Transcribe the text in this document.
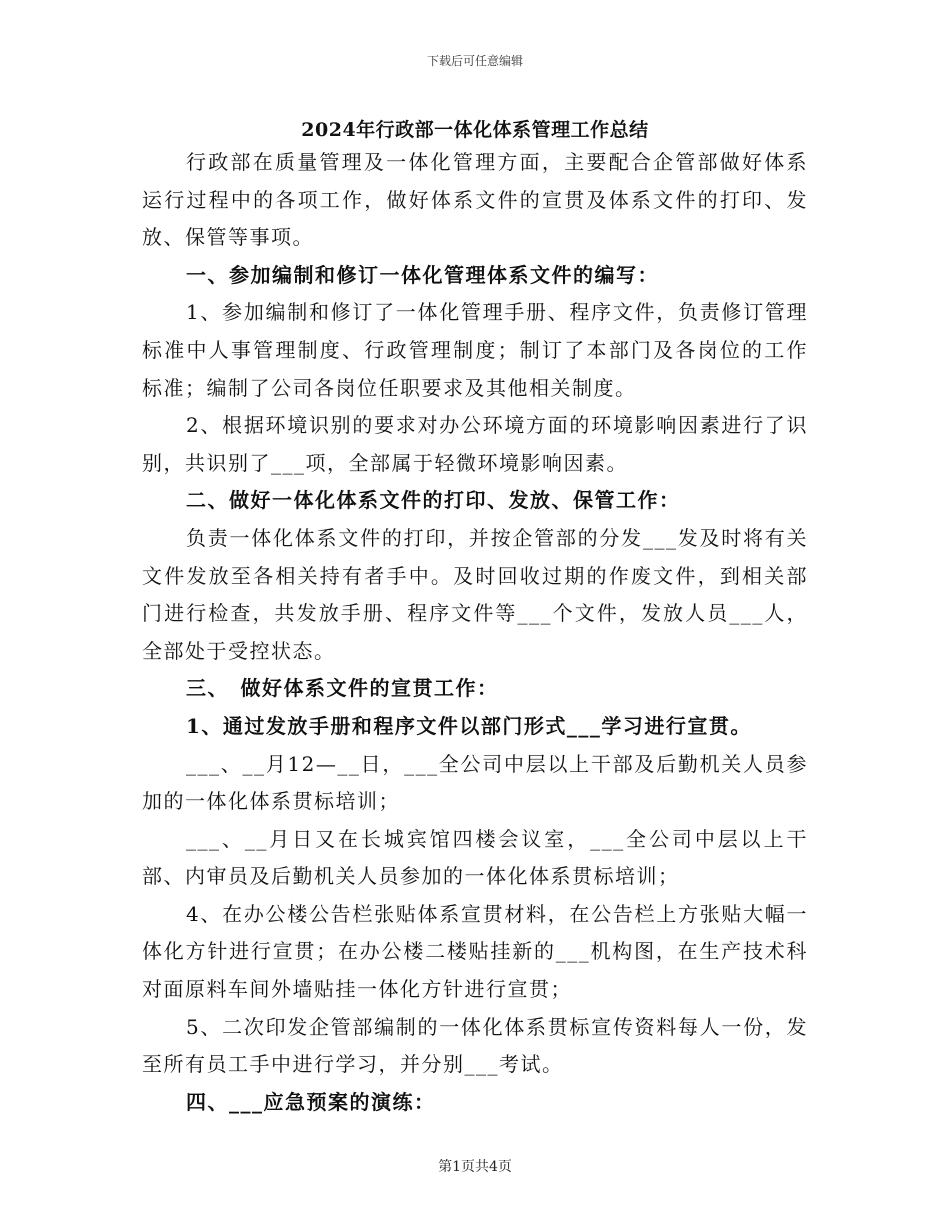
下载后可任意编辑
2024年行政部一体化体系管理工作总结

行政部在质量管理及一体化管理方面，主要配合企管部做好体系运行过程中的各项工作，做好体系文件的宣贯及体系文件的打印、发放、保管等事项。

一、参加编制和修订一体化管理体系文件的编写：

1、参加编制和修订了一体化管理手册、程序文件，负责修订管理标准中人事管理制度、行政管理制度；制订了本部门及各岗位的工作标准；编制了公司各岗位任职要求及其他相关制度。

2、根据环境识别的要求对办公环境方面的环境影响因素进行了识别，共识别了___项，全部属于轻微环境影响因素。

二、做好一体化体系文件的打印、发放、保管工作：

负责一体化体系文件的打印，并按企管部的分发___发及时将有关文件发放至各相关持有者手中。及时回收过期的作废文件，到相关部门进行检查，共发放手册、程序文件等___个文件，发放人员___人，全部处于受控状态。

三、　做好体系文件的宣贯工作：

1、通过发放手册和程序文件以部门形式___学习进行宣贯。

___、__月12—__日，___全公司中层以上干部及后勤机关人员参加的一体化体系贯标培训；

___、__月日又在长城宾馆四楼会议室，___全公司中层以上干部、内审员及后勤机关人员参加的一体化体系贯标培训；

4、在办公楼公告栏张贴体系宣贯材料，在公告栏上方张贴大幅一体化方针进行宣贯；在办公楼二楼贴挂新的___机构图，在生产技术科对面原料车间外墙贴挂一体化方针进行宣贯；

5、二次印发企管部编制的一体化体系贯标宣传资料每人一份，发至所有员工手中进行学习，并分别___考试。

四、___应急预案的演练：

第1页共4页
